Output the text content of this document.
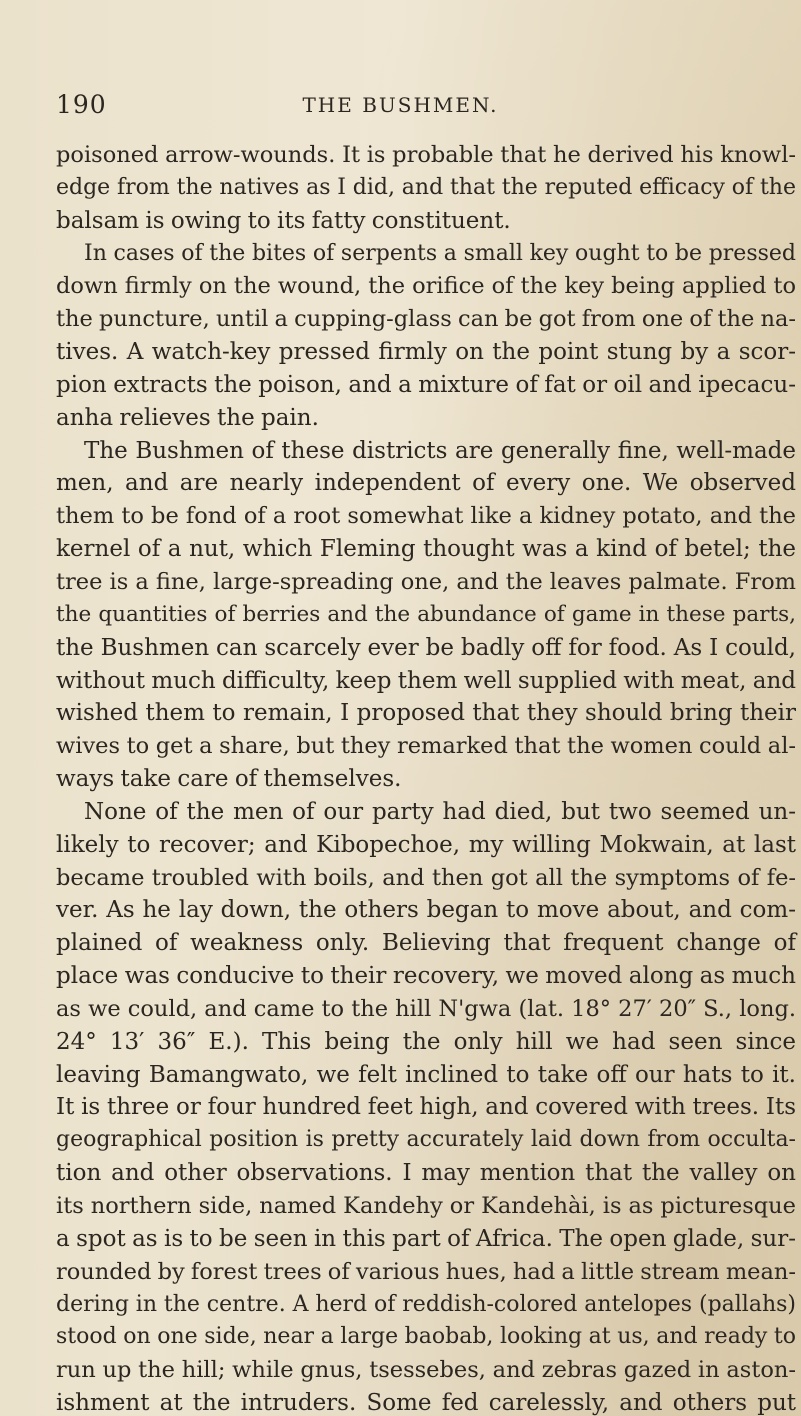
190	THE BUSHMEN.
poisoned arrow-wounds. It is probable that he derived his knowl-
edge from the natives as I did, and that the reputed efficacy of the
balsam is owing to its fatty constituent.
In cases of the bites of serpents a small key ought to be pressed
down firmly on the wound, the orifice of the key being applied to
the puncture, until a cupping-glass can be got from one of the na-
tives. A watch-key pressed firmly on the point stung by a scor-
pion extracts the poison, and a mixture of fat or oil and ipecacu-
anha relieves the pain.
The Bushmen of these districts are generally fine, well-made
men, and are nearly independent of every one. We observed
them to be fond of a root somewhat like a kidney potato, and the
kernel of a nut, which Fleming thought was a kind of betel; the
tree is a fine, large-spreading one, and the leaves palmate. From
the quantities of berries and the abundance of game in these parts,
the Bushmen can scarcely ever be badly off for food. As I could,
without much difficulty, keep them well supplied with meat, and
wished them to remain, I proposed that they should bring their
wives to get a share, but they remarked that the women could al-
ways take care of themselves.
None of the men of our party had died, but two seemed un-
likely to recover; and Kibopechoe, my willing Mokwain, at last
became troubled with boils, and then got all the symptoms of fe-
ver. As he lay down, the others began to move about, and com-
plained of weakness only. Believing that frequent change of
place was conducive to their recovery, we moved along as much
as we could, and came to the hill N'gwa (lat. 18° 27′ 20″ S., long.
24° 13′ 36″ E.). This being the only hill we had seen since
leaving Bamangwato, we felt inclined to take off our hats to it.
It is three or four hundred feet high, and covered with trees. Its
geographical position is pretty accurately laid down from occulta-
tion and other observations. I may mention that the valley on
its northern side, named Kandehy or Kandehài, is as picturesque
a spot as is to be seen in this part of Africa. The open glade, sur-
rounded by forest trees of various hues, had a little stream mean-
dering in the centre. A herd of reddish-colored antelopes (pallahs)
stood on one side, near a large baobab, looking at us, and ready to
run up the hill; while gnus, tsessebes, and zebras gazed in aston-
ishment at the intruders. Some fed carelessly, and others put
